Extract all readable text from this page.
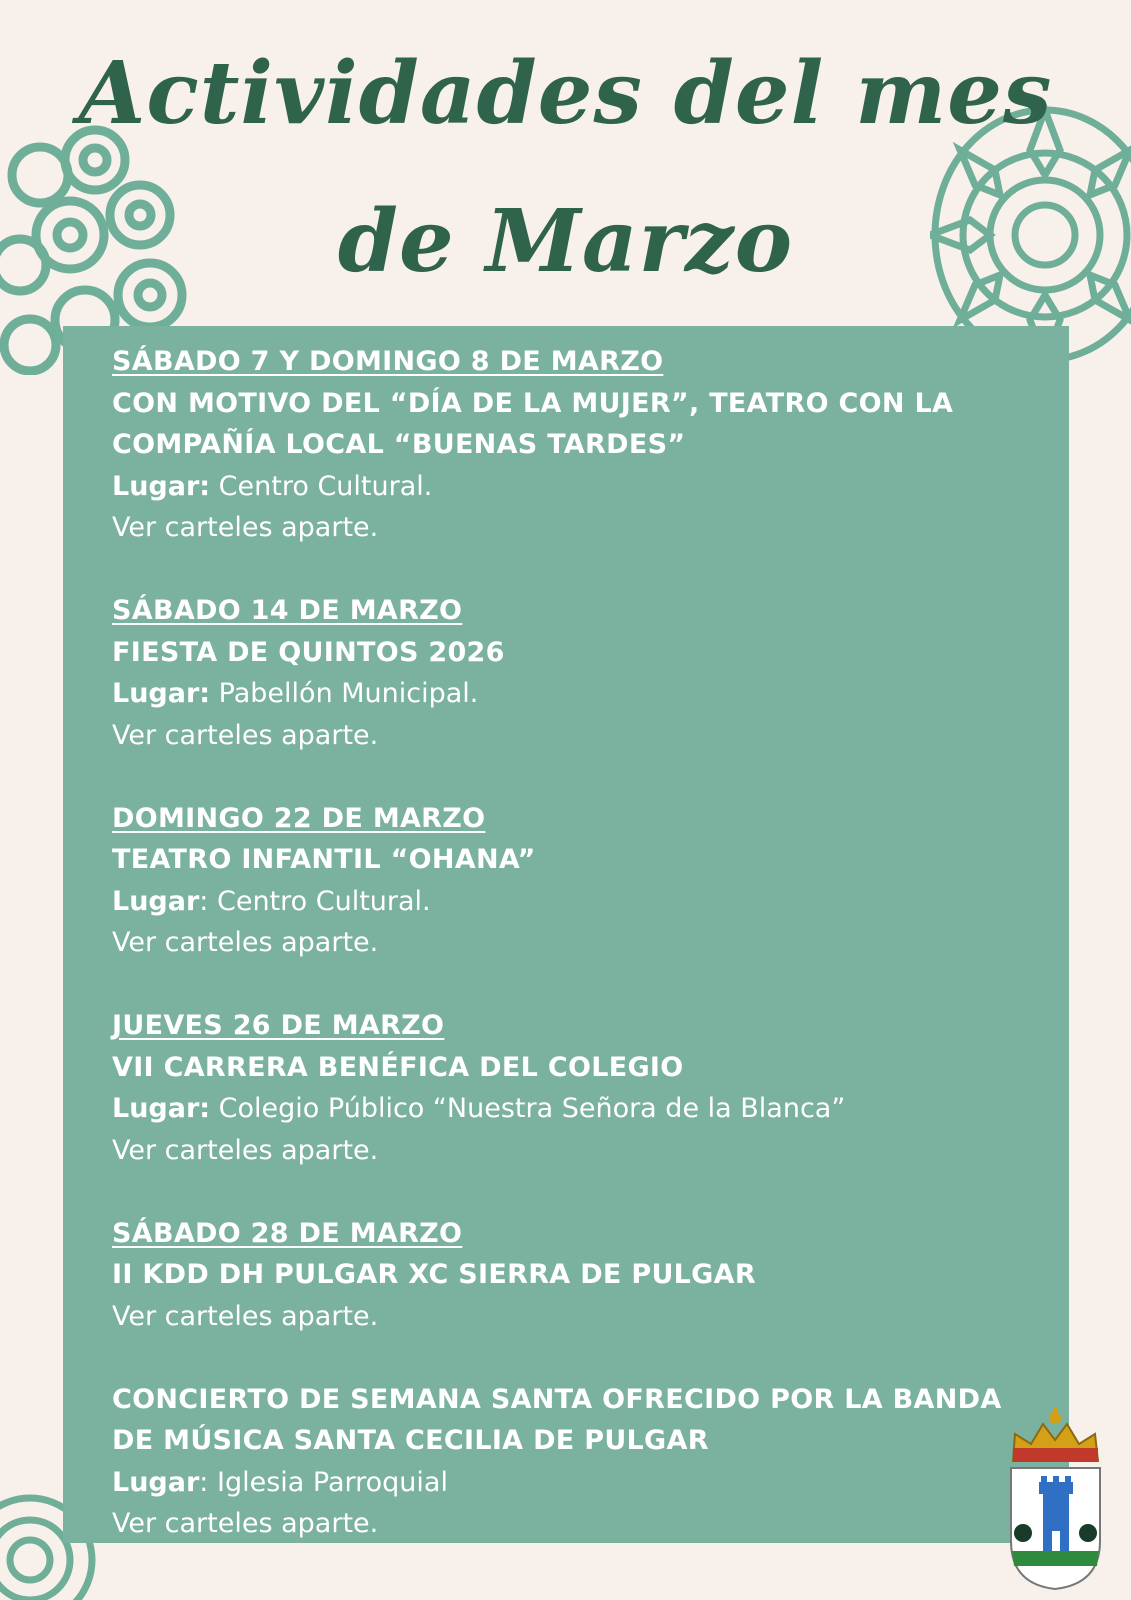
Actividades del mes
de Marzo
SÁBADO 7 Y DOMINGO 8 DE MARZO
CON MOTIVO DEL “DÍA DE LA MUJER”, TEATRO CON LA
COMPAÑÍA LOCAL “BUENAS TARDES”
Lugar: Centro Cultural.
Ver carteles aparte.
SÁBADO 14 DE MARZO
FIESTA DE QUINTOS 2026
Lugar: Pabellón Municipal.
Ver carteles aparte.
DOMINGO 22 DE MARZO
TEATRO INFANTIL “OHANA”
Lugar: Centro Cultural.
Ver carteles aparte.
JUEVES 26 DE MARZO
VII CARRERA BENÉFICA DEL COLEGIO
Lugar: Colegio Público “Nuestra Señora de la Blanca”
Ver carteles aparte.
SÁBADO 28 DE MARZO
II KDD DH PULGAR XC SIERRA DE PULGAR
Ver carteles aparte.
CONCIERTO DE SEMANA SANTA OFRECIDO POR LA BANDA
DE MÚSICA SANTA CECILIA DE PULGAR
Lugar: Iglesia Parroquial
Ver carteles aparte.
